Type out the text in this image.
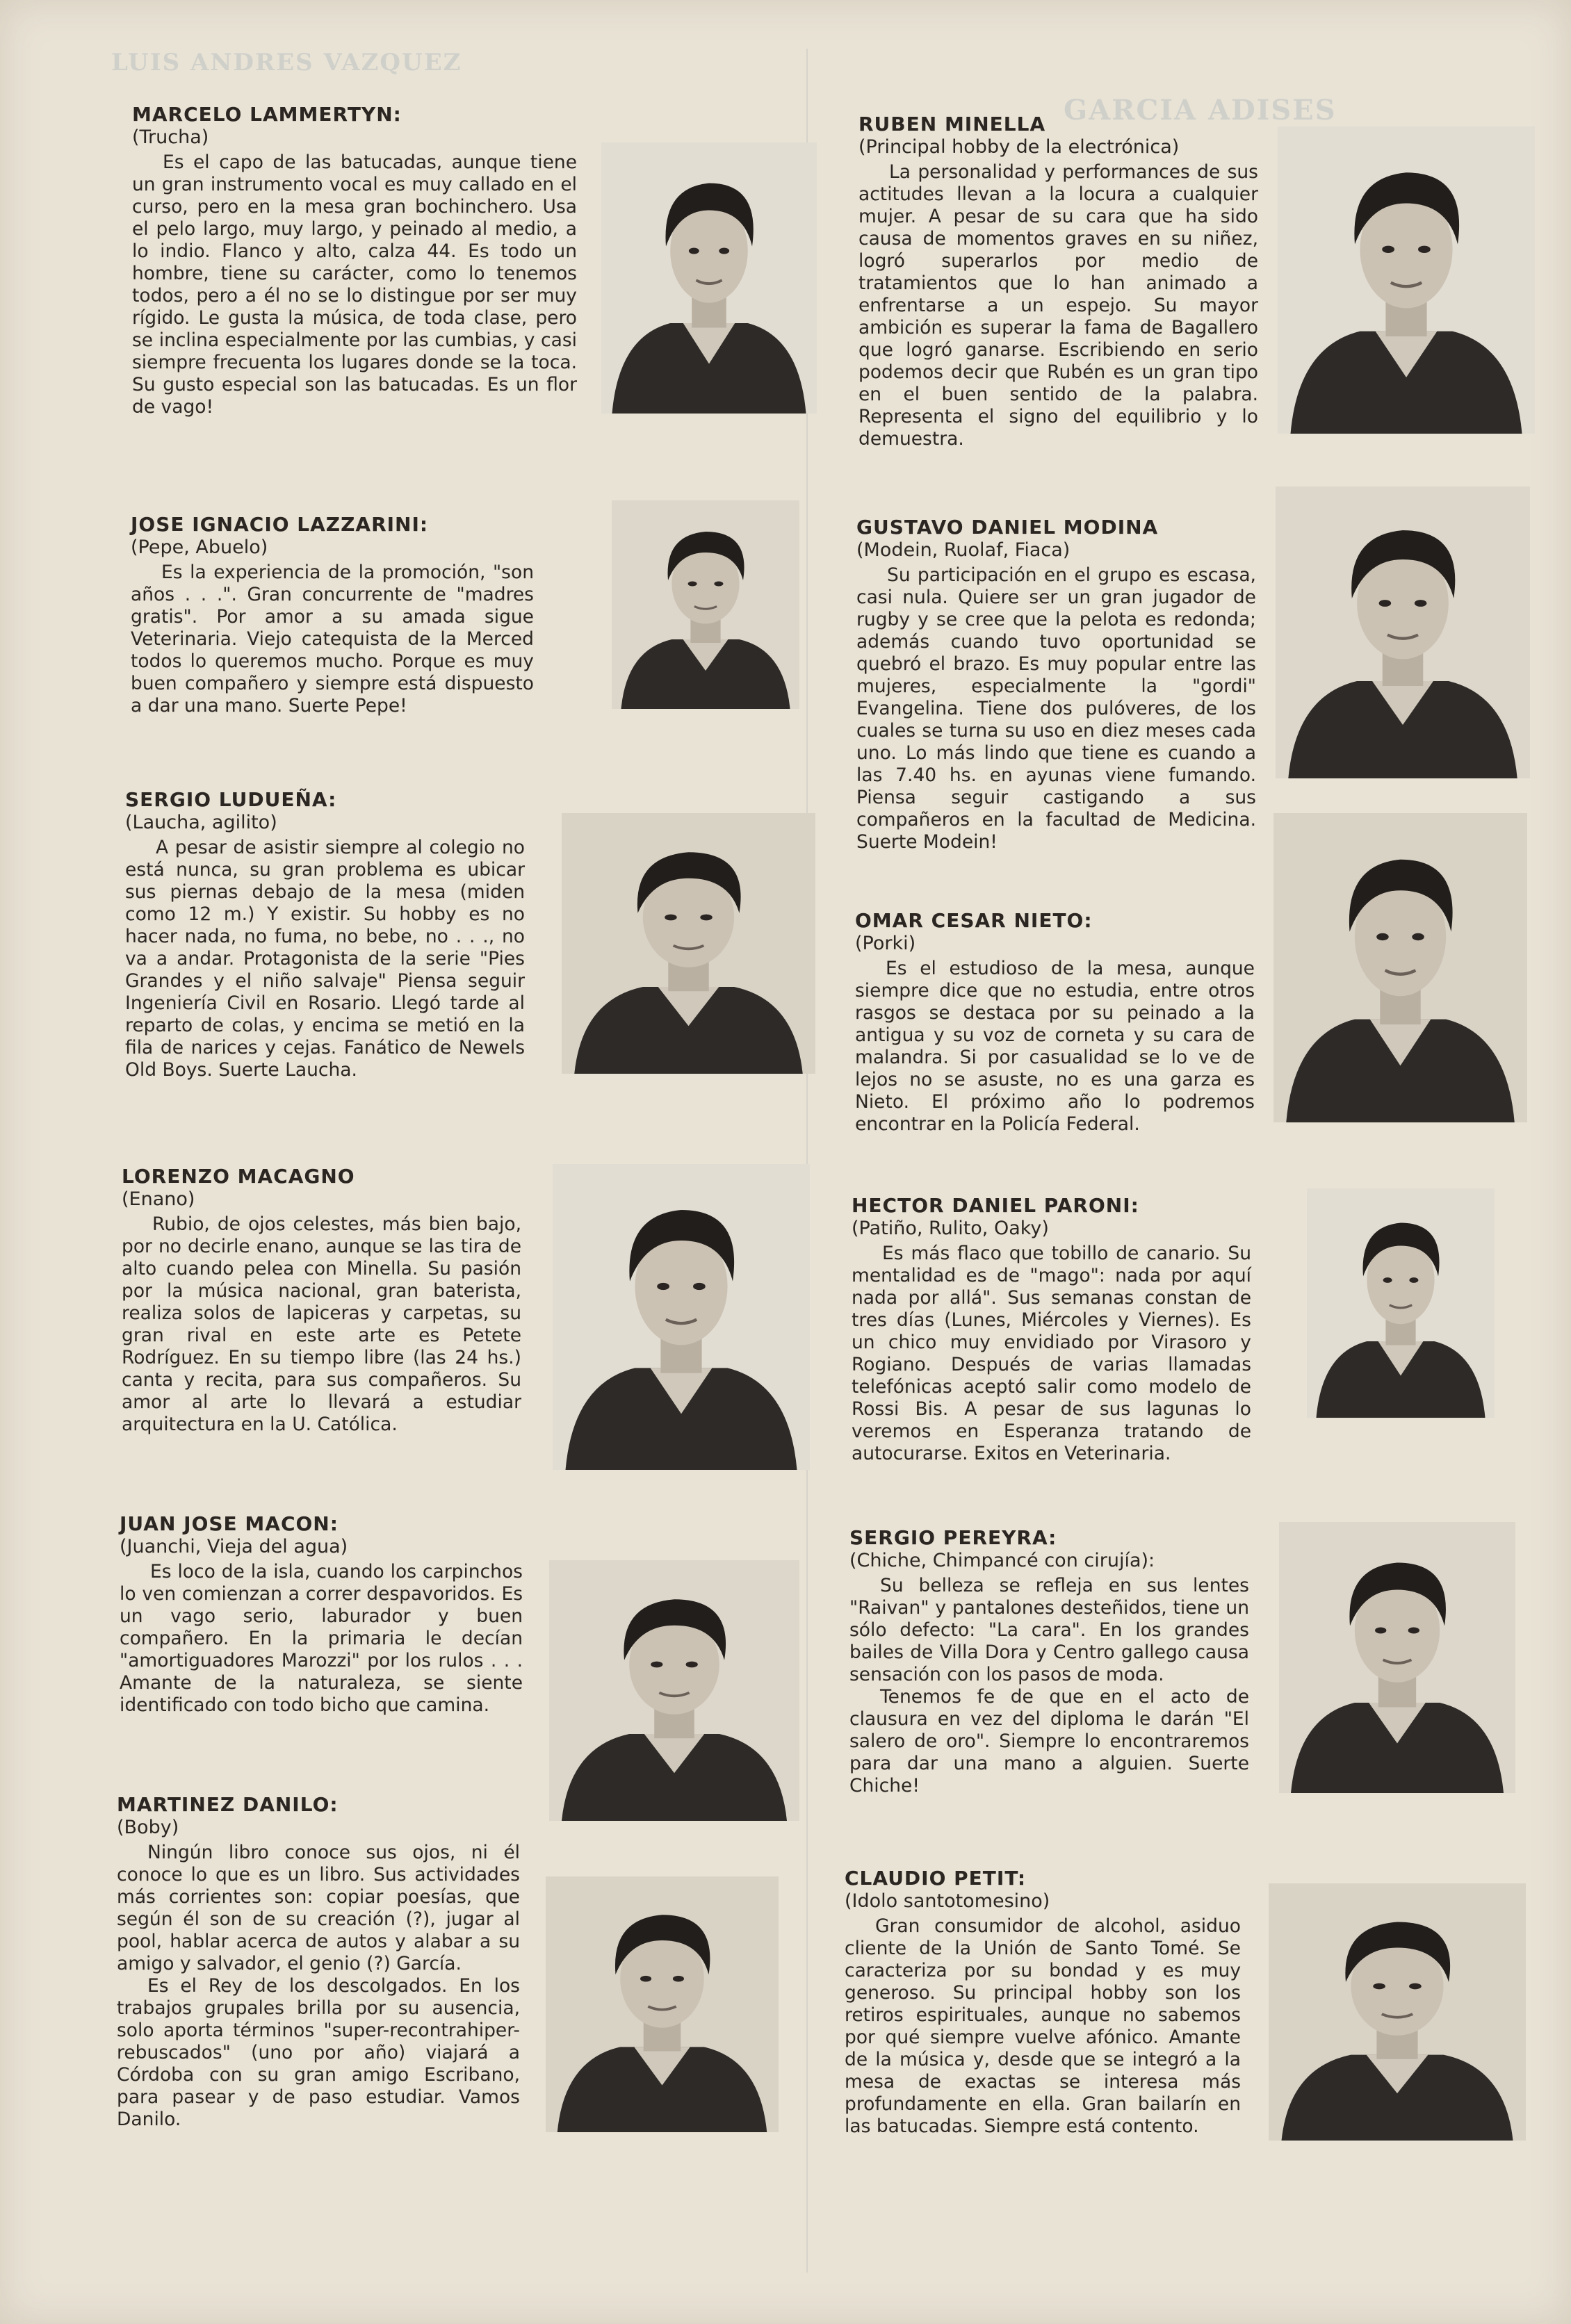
LUIS ANDRES VAZQUEZ
GARCIA ADISES
MARCELO LAMMERTYN:
(Trucha)

Es el capo de las batucadas, aunque tiene un gran instrumento vocal es muy callado en el curso, pero en la mesa gran bochinchero. Usa el pelo largo, muy largo, y peinado al medio, a lo indio. Flanco y alto, calza 44. Es todo un hombre, tiene su carácter, como lo tenemos todos, pero a él no se lo distingue por ser muy rígido. Le gusta la música, de toda clase, pero se inclina especialmente por las cumbias, y casi siempre frecuenta los lugares donde se la toca. Su gusto especial son las batucadas. Es un flor de vago!

JOSE IGNACIO LAZZARINI:
(Pepe, Abuelo)

Es la experiencia de la promoción, "son años . . .". Gran concurrente de "madres gratis". Por amor a su amada sigue Veterinaria. Viejo catequista de la Merced todos lo queremos mucho. Porque es muy buen compañero y siempre está dispuesto a dar una mano. Suerte Pepe!

SERGIO LUDUEÑA:
(Laucha, agilito)

A pesar de asistir siempre al colegio no está nunca, su gran problema es ubicar sus piernas debajo de la mesa (miden como 12 m.) Y existir. Su hobby es no hacer nada, no fuma, no bebe, no . . ., no va a andar. Protagonista de la serie "Pies Grandes y el niño salvaje" Piensa seguir Ingeniería Civil en Rosario. Llegó tarde al reparto de colas, y encima se metió en la fila de narices y cejas. Fanático de Newels Old Boys. Suerte Laucha.

LORENZO MACAGNO
(Enano)

Rubio, de ojos celestes, más bien bajo, por no decirle enano, aunque se las tira de alto cuando pelea con Minella. Su pasión por la música nacional, gran baterista, realiza solos de lapiceras y carpetas, su gran rival en este arte es Petete Rodríguez. En su tiempo libre (las 24 hs.) canta y recita, para sus compañeros. Su amor al arte lo llevará a estudiar arquitectura en la U. Católica.

JUAN JOSE MACON:
(Juanchi, Vieja del agua)

Es loco de la isla, cuando los carpinchos lo ven comienzan a correr despavoridos. Es un vago serio, laburador y buen compañero. En la primaria le decían "amortiguadores Marozzi" por los rulos . . . Amante de la naturaleza, se siente identificado con todo bicho que camina.

MARTINEZ DANILO:
(Boby)

Ningún libro conoce sus ojos, ni él conoce lo que es un libro. Sus actividades más corrientes son: copiar poesías, que según él son de su creación (?), jugar al pool, hablar acerca de autos y alabar a su amigo y salvador, el genio (?) García.

Es el Rey de los descolgados. En los trabajos grupales brilla por su ausencia, solo aporta términos "super-recontrahiper-rebuscados" (uno por año) viajará a Córdoba con su gran amigo Escribano, para pasear y de paso estudiar. Vamos Danilo.

RUBEN MINELLA
(Principal hobby de la electrónica)

La personalidad y performances de sus actitudes llevan a la locura a cualquier mujer. A pesar de su cara que ha sido causa de momentos graves en su niñez, logró superarlos por medio de tratamientos que lo han animado a enfrentarse a un espejo. Su mayor ambición es superar la fama de Bagallero que logró ganarse. Escribiendo en serio podemos decir que Rubén es un gran tipo en el buen sentido de la palabra. Representa el signo del equilibrio y lo demuestra.

GUSTAVO DANIEL MODINA
(Modein, Ruolaf, Fiaca)

Su participación en el grupo es escasa, casi nula. Quiere ser un gran jugador de rugby y se cree que la pelota es redonda; además cuando tuvo oportunidad se quebró el brazo. Es muy popular entre las mujeres, especialmente la "gordi" Evangelina. Tiene dos pulóveres, de los cuales se turna su uso en diez meses cada uno. Lo más lindo que tiene es cuando a las 7.40 hs. en ayunas viene fumando. Piensa seguir castigando a sus compañeros en la facultad de Medicina. Suerte Modein!

OMAR CESAR NIETO:
(Porki)

Es el estudioso de la mesa, aunque siempre dice que no estudia, entre otros rasgos se destaca por su peinado a la antigua y su voz de corneta y su cara de malandra. Si por casualidad se lo ve de lejos no se asuste, no es una garza es Nieto. El próximo año lo podremos encontrar en la Policía Federal.

HECTOR DANIEL PARONI:
(Patiño, Rulito, Oaky)

Es más flaco que tobillo de canario. Su mentalidad es de "mago": nada por aquí nada por allá". Sus semanas constan de tres días (Lunes, Miércoles y Viernes). Es un chico muy envidiado por Virasoro y Rogiano. Después de varias llamadas telefónicas aceptó salir como modelo de Rossi Bis. A pesar de sus lagunas lo veremos en Esperanza tratando de autocurarse. Exitos en Veterinaria.

SERGIO PEREYRA:
(Chiche, Chimpancé con cirujía):

Su belleza se refleja en sus lentes "Raivan" y pantalones desteñidos, tiene un sólo defecto: "La cara". En los grandes bailes de Villa Dora y Centro gallego causa sensación con los pasos de moda.

Tenemos fe de que en el acto de clausura en vez del diploma le darán "El salero de oro". Siempre lo encontraremos para dar una mano a alguien. Suerte Chiche!

CLAUDIO PETIT:
(Idolo santotomesino)

Gran consumidor de alcohol, asiduo cliente de la Unión de Santo Tomé. Se caracteriza por su bondad y es muy generoso. Su principal hobby son los retiros espirituales, aunque no sabemos por qué siempre vuelve afónico. Amante de la música y, desde que se integró a la mesa de exactas se interesa más profundamente en ella. Gran bailarín en las batucadas. Siempre está contento.
